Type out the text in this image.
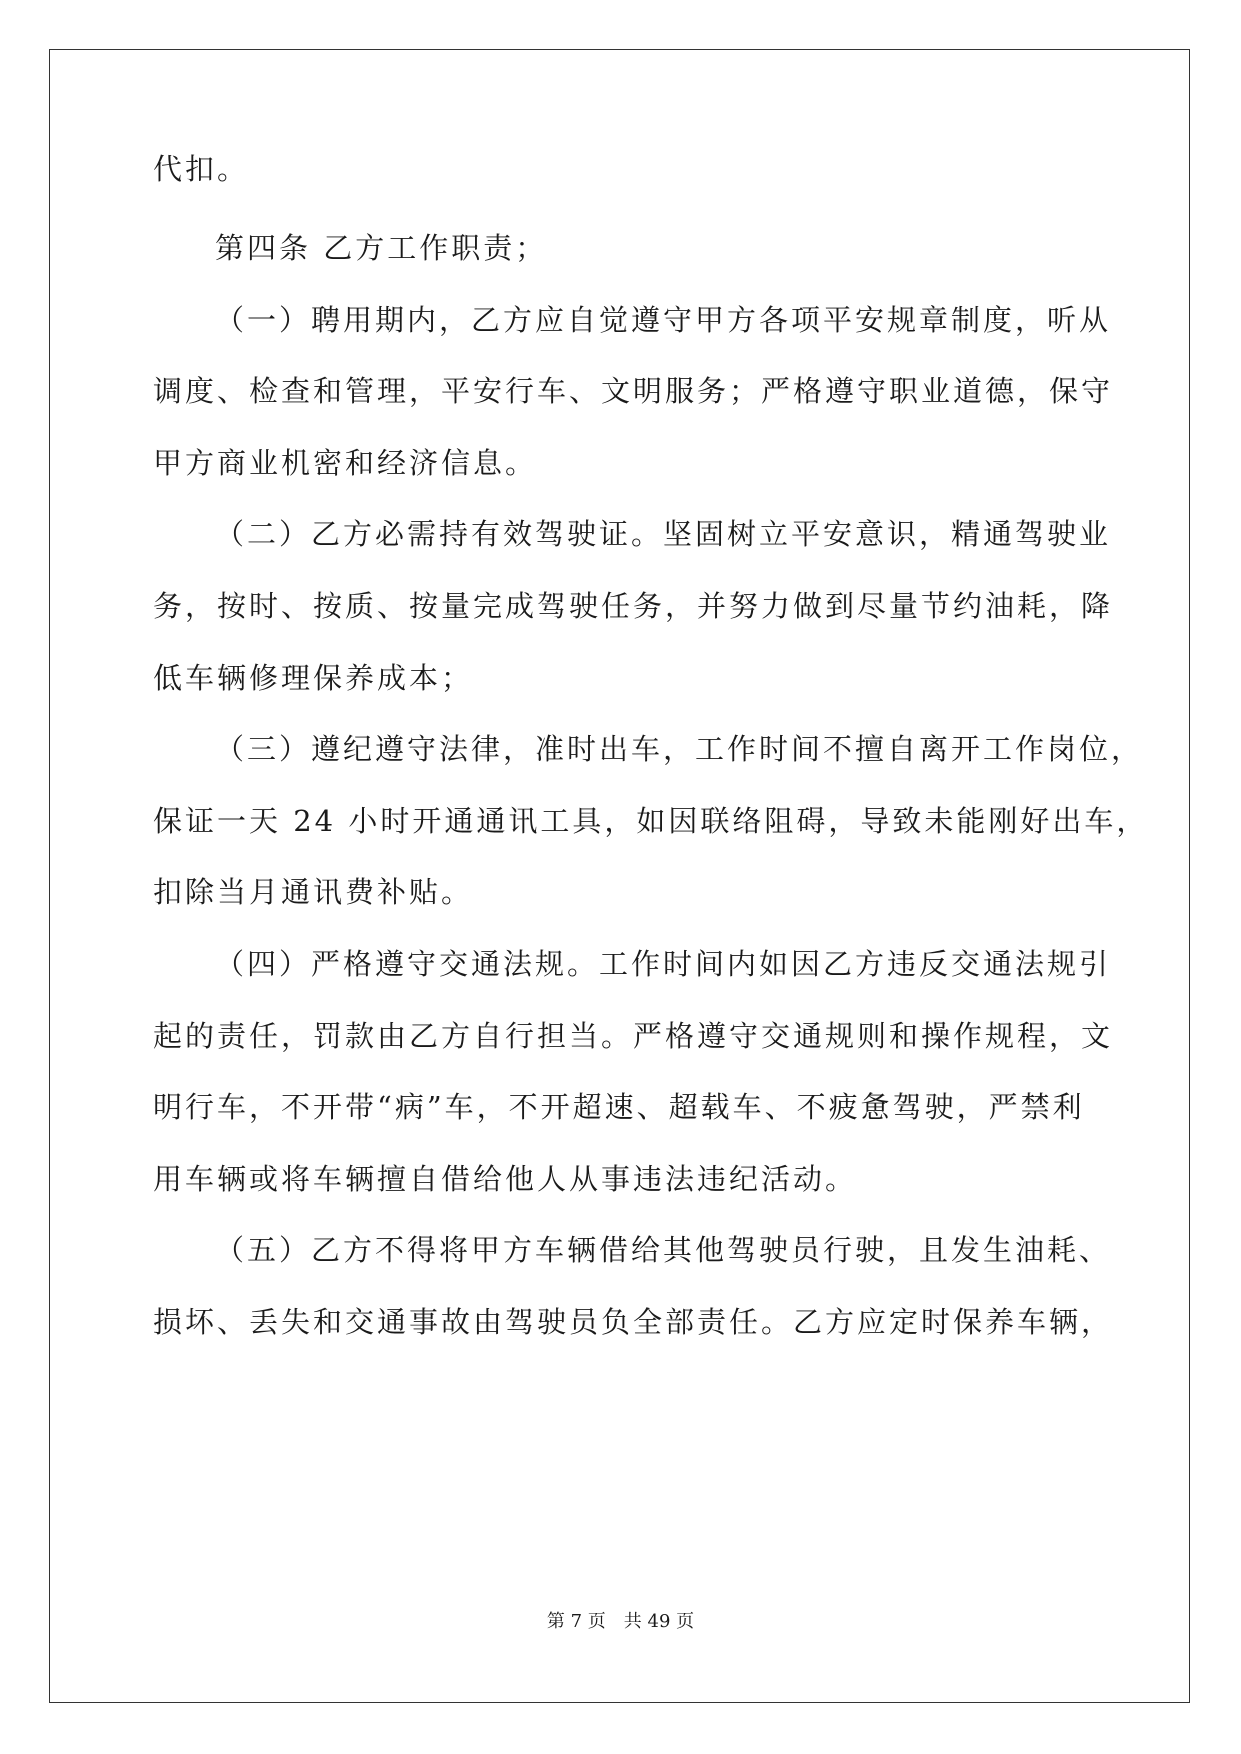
代扣。
第四条 乙方工作职责；
（一）聘用期内，乙方应自觉遵守甲方各项平安规章制度，听从
调度、检查和管理，平安行车、文明服务；严格遵守职业道德，保守
甲方商业机密和经济信息。
（二）乙方必需持有效驾驶证。坚固树立平安意识，精通驾驶业
务，按时、按质、按量完成驾驶任务，并努力做到尽量节约油耗，降
低车辆修理保养成本；
（三）遵纪遵守法律，准时出车，工作时间不擅自离开工作岗位，
保证一天 24 小时开通通讯工具，如因联络阻碍，导致未能刚好出车，
扣除当月通讯费补贴。
（四）严格遵守交通法规。工作时间内如因乙方违反交通法规引
起的责任，罚款由乙方自行担当。严格遵守交通规则和操作规程，文
明行车，不开带“病”车，不开超速、超载车、不疲惫驾驶，严禁利
用车辆或将车辆擅自借给他人从事违法违纪活动。
（五）乙方不得将甲方车辆借给其他驾驶员行驶，且发生油耗、
损坏、丢失和交通事故由驾驶员负全部责任。乙方应定时保养车辆，
第 7 页 共 49 页
